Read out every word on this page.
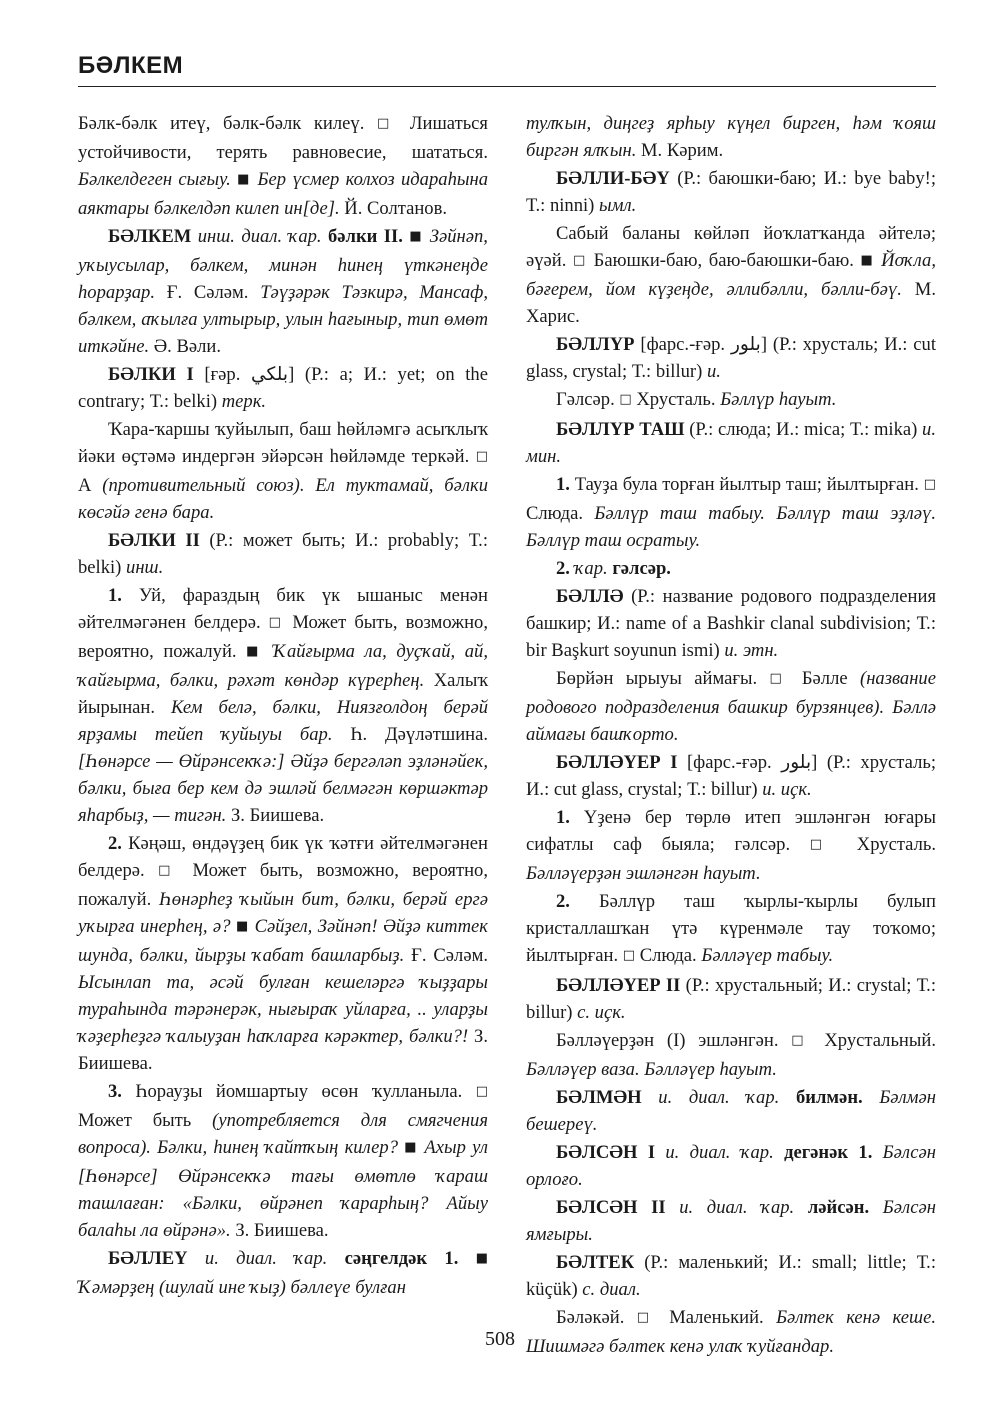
БӘЛКЕМ

Бәлк-бәлк итеү, бәлк-бәлк килеү. □ Лишаться устойчивости, терять равновесие, шататься. Бәлкелдеген сығыу. ■ Бер үсмер колхоз идараһына аяктары бәлкелдәп килеп ин[де]. Й. Солтанов.

БӘЛКЕМ инш. диал. ҡар. бәлки II. ■ Зәйнәп, уҡыусылар, бәлкем, минән һинең үткәнеңде һорарҙар. Ғ. Сәләм. Тәүҙәрәк Тәзкирә, Мансаф, бәлкем, аҡылға ултырыр, улын һағыныр, тип өмөт иткәйне. Ә. Вәли.

БӘЛКИ I [ғәр. بلكي] (Р.: а; И.: yet; on the contrary; Т.: belki) терк.

Ҡара-ҡаршы ҡуйылып, баш һөйләмгә асыҡлыҡ йәки өҫтәмә индергән эйәрсән һөйләмде теркәй. □ А (противительный союз). Ел туктамай, бәлки көсәйә генә бара.

БӘЛКИ II (Р.: может быть; И.: probably; Т.: belki) инш.

1. Уй, фараздың бик үк ышаныс менән әйтелмәгәнен белдерә. □ Может быть, возможно, вероятно, пожалуй. ■ Ҡайғырма ла, дуҫҡай, ай, ҡайғырма, бәлки, рәхәт көндәр күрерһең. Халыҡ йырынан. Кем белә, бәлки, Ниязғолдоң берәй ярҙамы тейеп ҡуйыуы бар. Һ. Дәүләтшина. [Һөнәрсе — Өйрәнсекҡә:] Әйҙә бергәләп эҙләнәйек, бәлки, быға бер кем дә эшләй белмәгән көршәктәр яһарбыҙ, — тигән. З. Биишева.

2. Кәңәш, өндәүҙең бик үк ҡәтғи әйтелмәгәнен белдерә. □ Может быть, возможно, вероятно, пожалуй. Һөнәрһеҙ ҡыйын бит, бәлки, берәй ергә уҡырға инерһең, ә? ■ Сәйҙел, Зәйнәп! Әйҙә киттек шунда, бәлки, йырҙы ҡабат башларбыҙ. Ғ. Сәләм. Ысынлап та, әсәй булған кешеләргә ҡыҙҙары тураһында тәрәнерәк, нығыраҡ уйларға, .. уларҙы ҡәҙерһеҙгә ҡалыуҙан һаҡларға кәрәктер, бәлки?! З. Биишева.

3. Һорауҙы йомшартыу өсөн ҡулланыла. □ Может быть (употребляется для смягчения вопроса). Бәлки, һинең ҡайтҡың килер? ■ Ахыр ул [Һөнәрсе] Өйрәнсекҡә тағы өмөтлө ҡараш ташлаған: «Бәлки, өйрәнеп ҡарарһың? Айыу балаһы ла өйрәнә». З. Биишева.

БӘЛЛЕҮ и. диал. ҡар. сәңгелдәк 1. ■ Ҡәмәрҙең (шулай ине ҡыҙ) бәллеүе булған

тулҡын, диңгеҙ ярһыу күңел бирген, һәм ҡояш биргән ялҡын. М. Кәрим.

БӘЛЛИ-БӘҮ (Р.: баюшки-баю; И.: bye baby!; Т.: ninni) ымл.

Сабый баланы көйләп йоҡлатҡанда әйтелә; әүәй. □ Баюшки-баю, баю-баюшки-баю. ■ Йоҡла, бәғерем, йом күҙеңде, әллибәлли, бәлли-бәү. М. Харис.

БӘЛЛҮР [фарс.-ғәр. بلور] (Р.: хрусталь; И.: cut glass, crystal; Т.: billur) и.

Гәлсәр. □ Хрусталь. Бәллүр һауыт.

БӘЛЛҮР ТАШ (Р.: слюда; И.: mica; Т.: mika) и. мин.

1. Тауҙа була торған йылтыр таш; йылтырған. □ Слюда. Бәллүр таш табыу. Бәллүр таш эҙләү. Бәллүр таш осратыу.

2. ҡар. гәлсәр.

БӘЛЛӘ (Р.: название родового подразделения башкир; И.: name of a Bashkir clanal subdivision; Т.: bir Başkurt soyunun ismi) и. этн.

Бөрйән ырыуы аймағы. □ Бәлле (название родового подразделения башкир бурзянцев). Бәллә аймағы башҡорто.

БӘЛЛӘҮЕР I [фарс.-ғәр. بلور] (Р.: хрусталь; И.: cut glass, crystal; Т.: billur) и. иҫк.

1. Үҙенә бер төрлө итеп эшләнгән юғары сифатлы саф быяла; гәлсәр. □ Хрусталь. Бәлләүерҙән эшләнгән һауыт.

2. Бәллүр таш ҡырлы-ҡырлы булып кристаллашҡан үтә күренмәле тау тоҡомо; йылтырған. □ Слюда. Бәлләүер табыу.

БӘЛЛӘҮЕР II (Р.: хрустальный; И.: crystal; Т.: billur) с. иҫк.

Бәлләүерҙән (I) эшләнгән. □ Хрустальный. Бәлләүер ваза. Бәлләүер һауыт.

БӘЛМӘН и. диал. ҡар. билмән. Бәлмән бешереү.

БӘЛСӘН I и. диал. ҡар. дегәнәк 1. Бәлсән орлоғо.

БӘЛСӘН II и. диал. ҡар. ләйсән. Бәлсән ямғыры.

БӘЛТЕК (Р.: маленький; И.: small; little; Т.: küçük) с. диал.

Бәләкәй. □ Маленький. Бәлтек кенә кеше. Шишмәгә бәлтек кенә улаҡ ҡуйғандар.

508
